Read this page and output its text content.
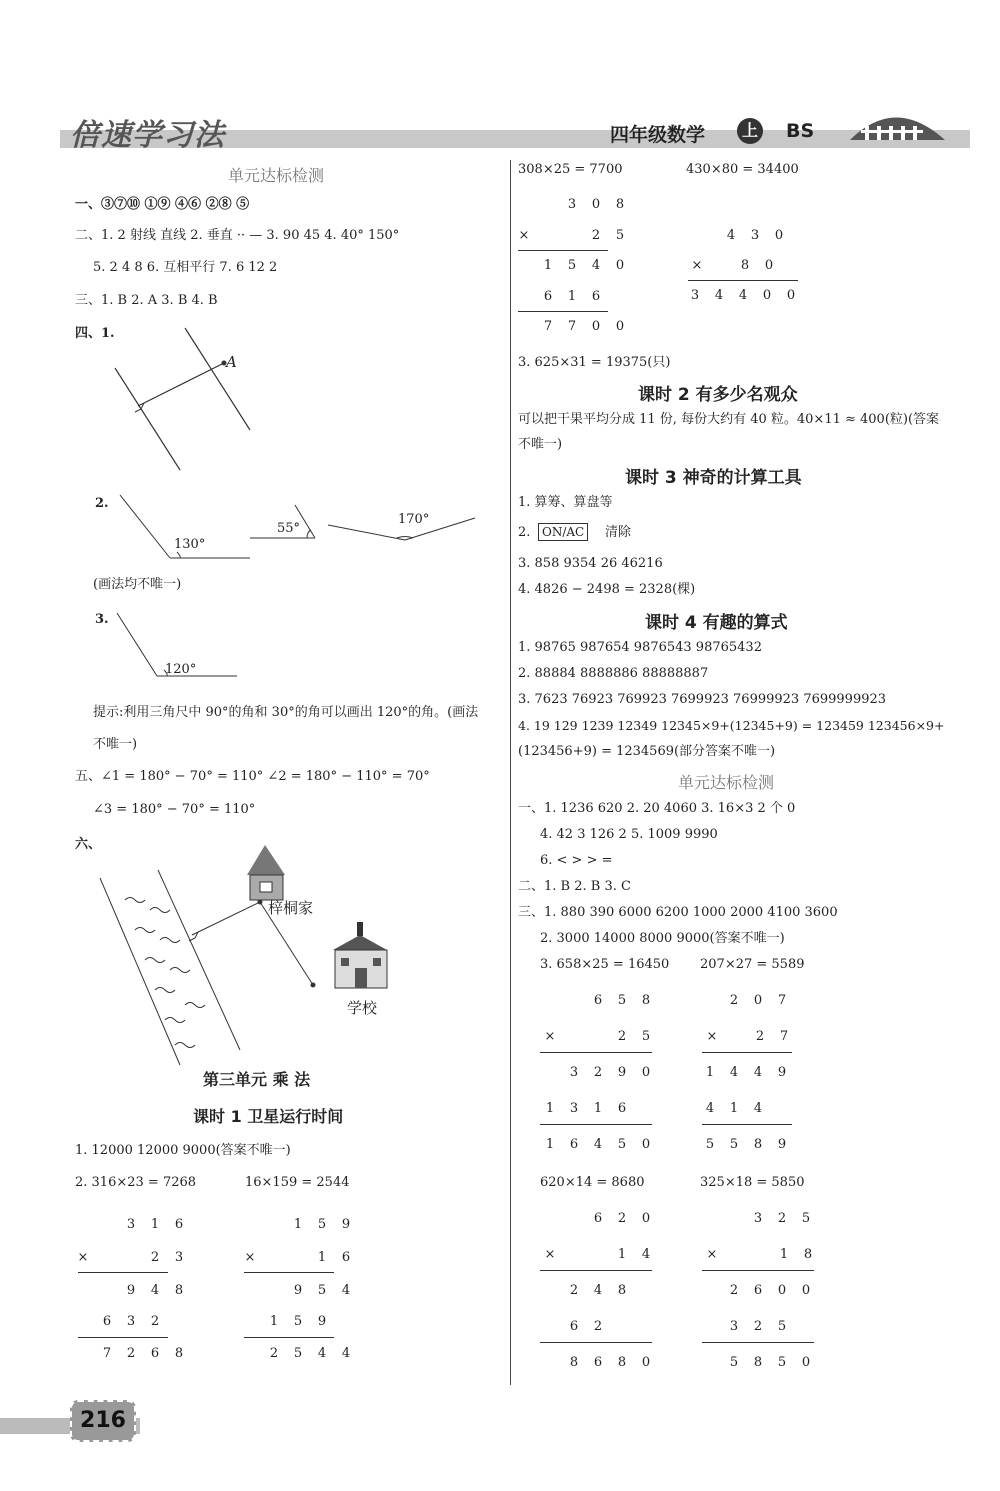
倍速学习法	四年级数学	上 BS
单元达标检测
一、③⑦⑩ ①⑨ ④⑥ ②⑧ ⑤
二、1. 2 射线 直线 2. 垂直 ·· — 3. 90 45 4. 40° 150°
5. 2 4 8 6. 互相平行 7. 6 12 2
三、1. B 2. A 3. B 4. B
四、1.
A
2.
130°
55°
170°
(画法均不唯一)
3.
120°
提示:利用三角尺中 90°的角和 30°的角可以画出 120°的角。(画法
不唯一)
五、∠1 = 180° − 70° = 110° ∠2 = 180° − 110° = 70°
∠3 = 180° − 70° = 110°
六、
梓桐家
学校
第三单元 乘 法
课时 1 卫星运行时间
1. 12000 12000 9000(答案不唯一)
2. 316×23 = 7268	16×159 = 2544
3 1 6
×	2 3
9 4 8
6 3 2
7 2 6 8
1 5 9
×	1 6
9 5 4
1 5 9
2 5 4 4
308×25 = 7700	430×80 = 34400
3 0 8
×	2 5
1 5 4 0
6 1 6
7 7 0 0
4 3 0
×	8 0
3 4 4 0 0
3. 625×31 = 19375(只)
课时 2 有多少名观众
可以把干果平均分成 11 份, 每份大约有 40 粒。40×11 ≈ 400(粒)(答案
不唯一)
课时 3 神奇的计算工具
1. 算筹、算盘等
2. ON/AC	清除
3. 858 9354 26 46216
4. 4826 − 2498 = 2328(棵)
课时 4 有趣的算式
1. 98765 987654 9876543 98765432
2. 88884 8888886 88888887
3. 7623 76923 769923 7699923 76999923 7699999923
4. 19 129 1239 12349 12345×9+(12345+9) = 123459 123456×9+
(123456+9) = 1234569(部分答案不唯一)
单元达标检测
一、1. 1236 620 2. 20 4060 3. 16×3 2 个 0
4. 42 3 126 2 5. 1009 9990
6. < > > =
二、1. B 2. B 3. C
三、1. 880 390 6000 6200 1000 2000 4100 3600
2. 3000 14000 8000 9000(答案不唯一)
3. 658×25 = 16450 207×27 = 5589
6 5 8
×	2 5
3 2 9 0
1 3 1 6
1 6 4 5 0
2 0 7
×	2 7
1 4 4 9
4 1 4
5 5 8 9
620×14 = 8680	325×18 = 5850
6 2 0
×	1 4
2 4 8
6 2
8 6 8 0
3 2 5
×	1 8
2 6 0 0
3 2 5
5 8 5 0
216
